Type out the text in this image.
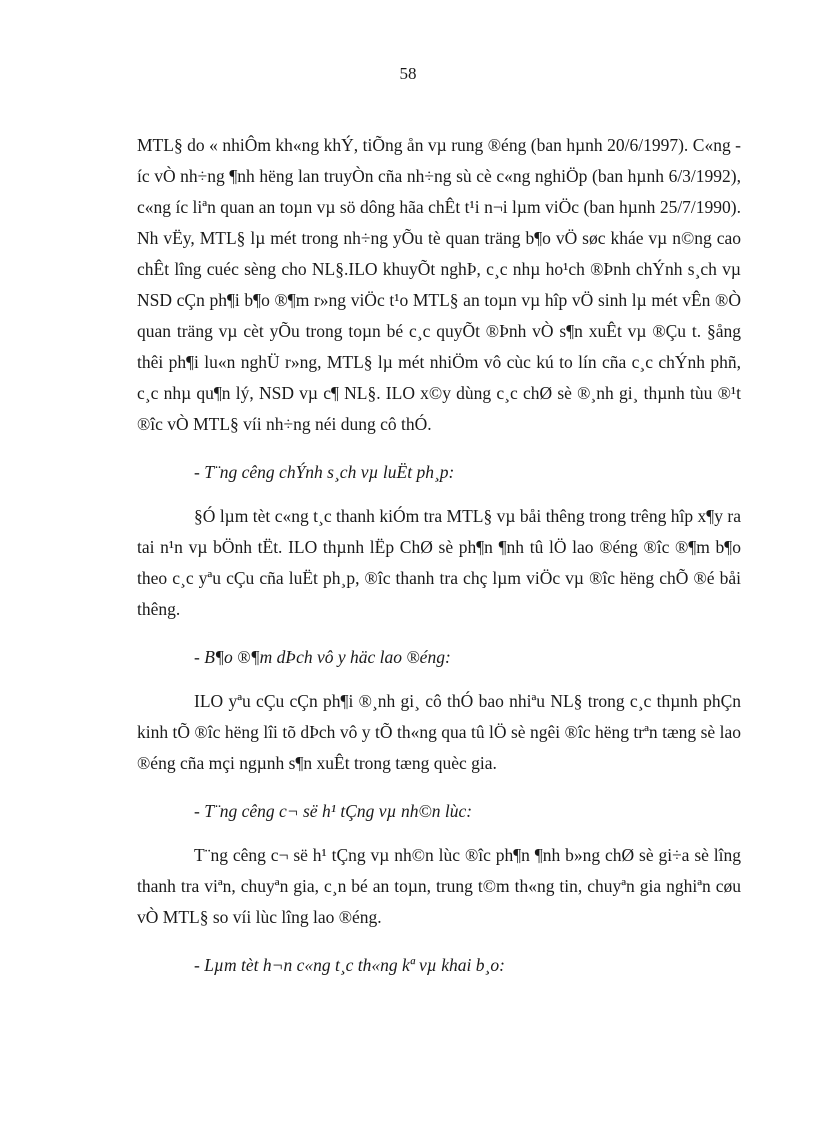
58

MTL§ do « nhiÔm kh«ng khÝ, tiÕng ån vµ rung ®éng (ban hµnh 20/6/1997). C«ng íc vÒ nh÷ng ¶nh hëng lan truyÒn cña nh÷ng sù cè c«ng nghiÖp (ban hµnh 6/3/1992), c«ng íc liªn quan an toµn vµ sö dông hãa chÊt t¹i n¬i lµm viÖc (ban hµnh 25/7/1990). Nh vËy, MTL§ lµ mét trong nh÷ng yÕu tè quan träng b¶o vÖ søc kháe vµ n©ng cao chÊt lîng cuéc sèng cho NL§.ILO khuyÕt nghÞ, c¸c nhµ ho¹ch ®Þnh chÝnh s¸ch vµ NSD cÇn ph¶i b¶o ®¶m r»ng viÖc t¹o MTL§ an toµn vµ hîp vÖ sinh lµ mét vÊn ®Ò quan träng vµ cèt yÕu trong toµn bé c¸c quyÕt ®Þnh vÒ s¶n xuÊt vµ ®Çu t. §ång thêi ph¶i lu«n nghÜ r»ng, MTL§ lµ mét nhiÖm vô cùc kú to lín cña c¸c chÝnh phñ, c¸c nhµ qu¶n lý, NSD vµ c¶ NL§. ILO x©y dùng c¸c chØ sè ®¸nh gi¸ thµnh tùu ®¹t ®îc vÒ MTL§ víi nh÷ng néi dung cô thÓ.

- T¨ng cêng chÝnh s¸ch vµ luËt ph¸p:

§Ó lµm tèt c«ng t¸c thanh kiÓm tra MTL§ vµ båi thêng trong trêng hîp x¶y ra tai n¹n vµ bÖnh tËt. ILO thµnh lËp ChØ sè ph¶n ¶nh tû lÖ lao ®éng ®îc ®¶m b¶o theo c¸c yªu cÇu cña luËt ph¸p, ®îc thanh tra chç lµm viÖc vµ ®îc hëng chÕ ®é båi thêng.

- B¶o ®¶m dÞch vô y häc lao ®éng:

ILO yªu cÇu cÇn ph¶i ®¸nh gi¸ cô thÓ bao nhiªu NL§ trong c¸c thµnh phÇn kinh tÕ ®îc hëng lîi tõ dÞch vô y tÕ th«ng qua tû lÖ sè ngêi ®îc hëng trªn tæng sè lao ®éng cña mçi ngµnh s¶n xuÊt trong tæng quèc gia.

- T¨ng cêng c¬ së h¹ tÇng vµ nh©n lùc:

T¨ng cêng c¬ së h¹ tÇng vµ nh©n lùc ®îc ph¶n ¶nh b»ng chØ sè gi÷a sè lîng thanh tra viªn, chuyªn gia, c¸n bé an toµn, trung t©m th«ng tin, chuyªn gia nghiªn cøu vÒ MTL§ so víi lùc lîng lao ®éng.

- Lµm tèt h¬n c«ng t¸c th«ng kª vµ khai b¸o:
